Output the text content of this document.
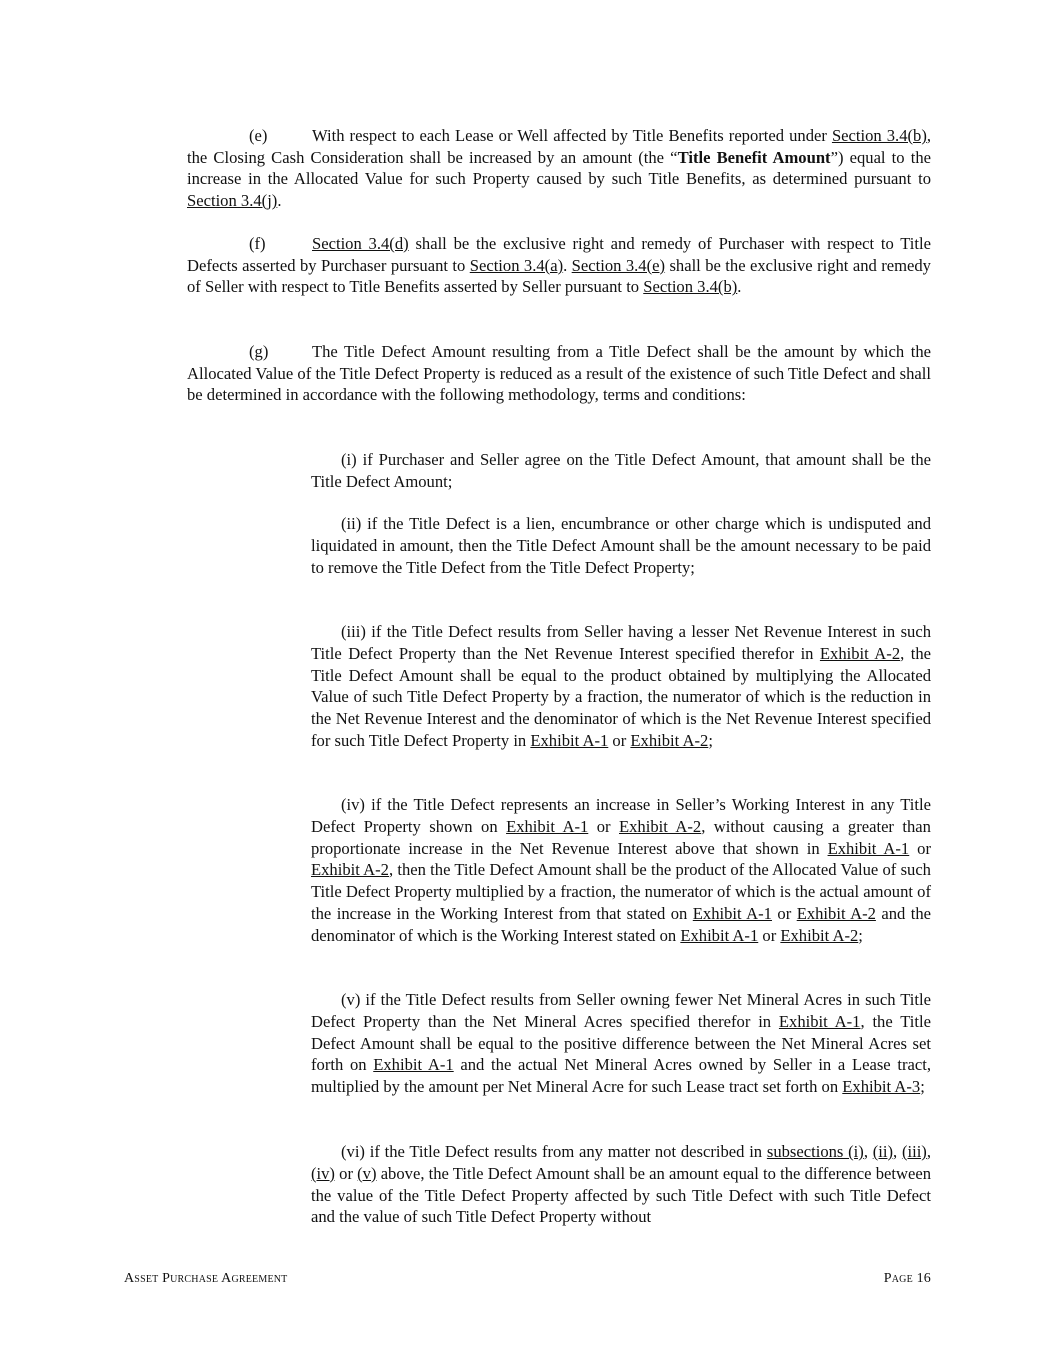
(e)	With respect to each Lease or Well affected by Title Benefits reported under Section 3.4(b), the Closing Cash Consideration shall be increased by an amount (the “Title Benefit Amount”) equal to the increase in the Allocated Value for such Property caused by such Title Benefits, as determined pursuant to Section 3.4(j).

(f)	Section 3.4(d) shall be the exclusive right and remedy of Purchaser with respect to Title Defects asserted by Purchaser pursuant to Section 3.4(a). Section 3.4(e) shall be the exclusive right and remedy of Seller with respect to Title Benefits asserted by Seller pursuant to Section 3.4(b).

(g)	The Title Defect Amount resulting from a Title Defect shall be the amount by which the Allocated Value of the Title Defect Property is reduced as a result of the existence of such Title Defect and shall be determined in accordance with the following methodology, terms and conditions:

(i) if Purchaser and Seller agree on the Title Defect Amount, that amount shall be the Title Defect Amount;

(ii) if the Title Defect is a lien, encumbrance or other charge which is undisputed and liquidated in amount, then the Title Defect Amount shall be the amount necessary to be paid to remove the Title Defect from the Title Defect Property;

(iii) if the Title Defect results from Seller having a lesser Net Revenue Interest in such Title Defect Property than the Net Revenue Interest specified therefor in Exhibit A-2, the Title Defect Amount shall be equal to the product obtained by multiplying the Allocated Value of such Title Defect Property by a fraction, the numerator of which is the reduction in the Net Revenue Interest and the denominator of which is the Net Revenue Interest specified for such Title Defect Property in Exhibit A-1 or Exhibit A-2;

(iv) if the Title Defect represents an increase in Seller’s Working Interest in any Title Defect Property shown on Exhibit A-1 or Exhibit A-2, without causing a greater than proportionate increase in the Net Revenue Interest above that shown in Exhibit A-1 or Exhibit A-2, then the Title Defect Amount shall be the product of the Allocated Value of such Title Defect Property multiplied by a fraction, the numerator of which is the actual amount of the increase in the Working Interest from that stated on Exhibit A-1 or Exhibit A-2 and the denominator of which is the Working Interest stated on Exhibit A-1 or Exhibit A-2;

(v) if the Title Defect results from Seller owning fewer Net Mineral Acres in such Title Defect Property than the Net Mineral Acres specified therefor in Exhibit A-1, the Title Defect Amount shall be equal to the positive difference between the Net Mineral Acres set forth on Exhibit A-1 and the actual Net Mineral Acres owned by Seller in a Lease tract, multiplied by the amount per Net Mineral Acre for such Lease tract set forth on Exhibit A-3;

(vi) if the Title Defect results from any matter not described in subsections (i), (ii), (iii), (iv) or (v) above, the Title Defect Amount shall be an amount equal to the difference between the value of the Title Defect Property affected by such Title Defect with such Title Defect and the value of such Title Defect Property without

Asset Purchase Agreement	Page 16
